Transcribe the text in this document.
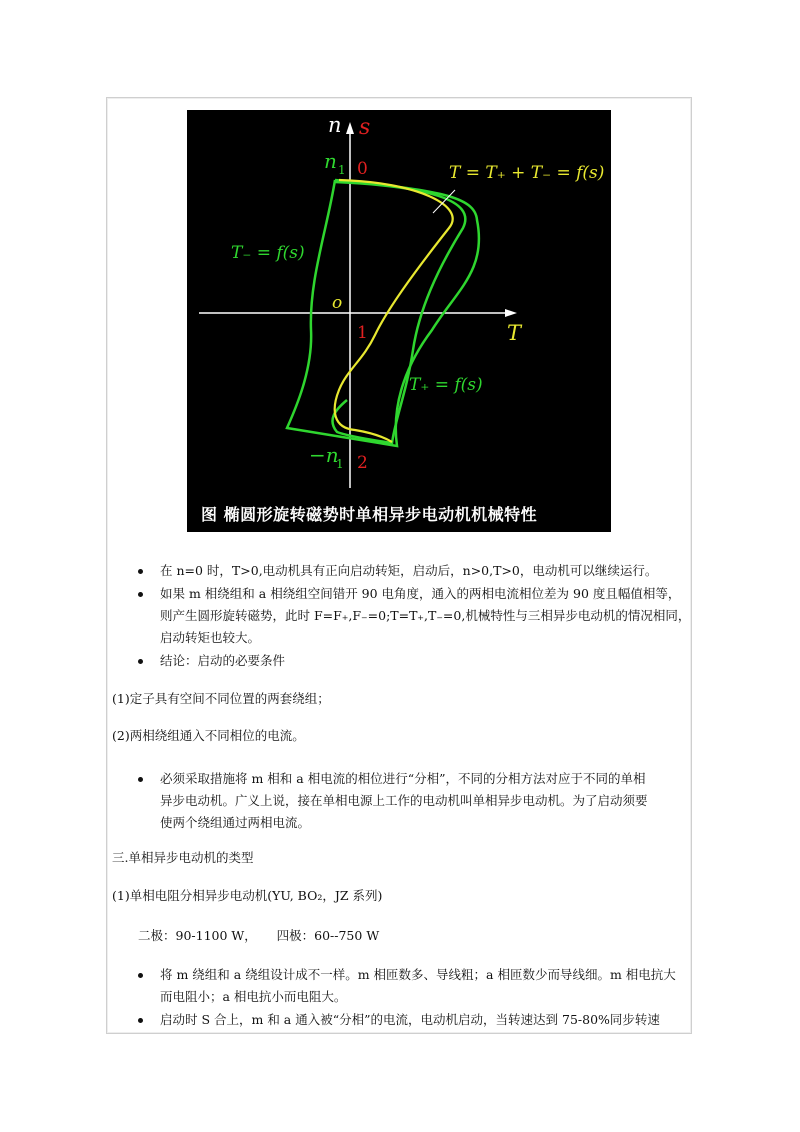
n s
n 1 0
o
1	T
−n
1 2
T = T₊ + T₋ = f(s)
T₋ = f(s)
T₊ = f(s)
图 椭圆形旋转磁势时单相异步电动机机械特性
在 n=0 时，T>0,电动机具有正向启动转矩，启动后，n>0,T>0，电动机可以继续运行。
如果 m 相绕组和 a 相绕组空间错开 90 电角度，通入的两相电流相位差为 90 度且幅值相等，
则产生圆形旋转磁势，此时 F=F₊,F₋=0;T=T₊,T₋=0,机械特性与三相异步电动机的情况相同，
启动转矩也较大。
结论：启动的必要条件
(1)定子具有空间不同位置的两套绕组；
(2)两相绕组通入不同相位的电流。
必须采取措施将 m 相和 a 相电流的相位进行“分相”，不同的分相方法对应于不同的单相
异步电动机。广义上说，接在单相电源上工作的电动机叫单相异步电动机。为了启动须要
使两个绕组通过两相电流。
三.单相异步电动机的类型
(1)单相电阻分相异步电动机(YU, BO₂，JZ 系列)
二极：90-1100 W，     四极：60--750 W
将 m 绕组和 a 绕组设计成不一样。m 相匝数多、导线粗；a 相匝数少而导线细。m 相电抗大
而电阻小；a 相电抗小而电阻大。
启动时 S 合上，m 和 a 通入被“分相”的电流，电动机启动，当转速达到 75-80%同步转速
